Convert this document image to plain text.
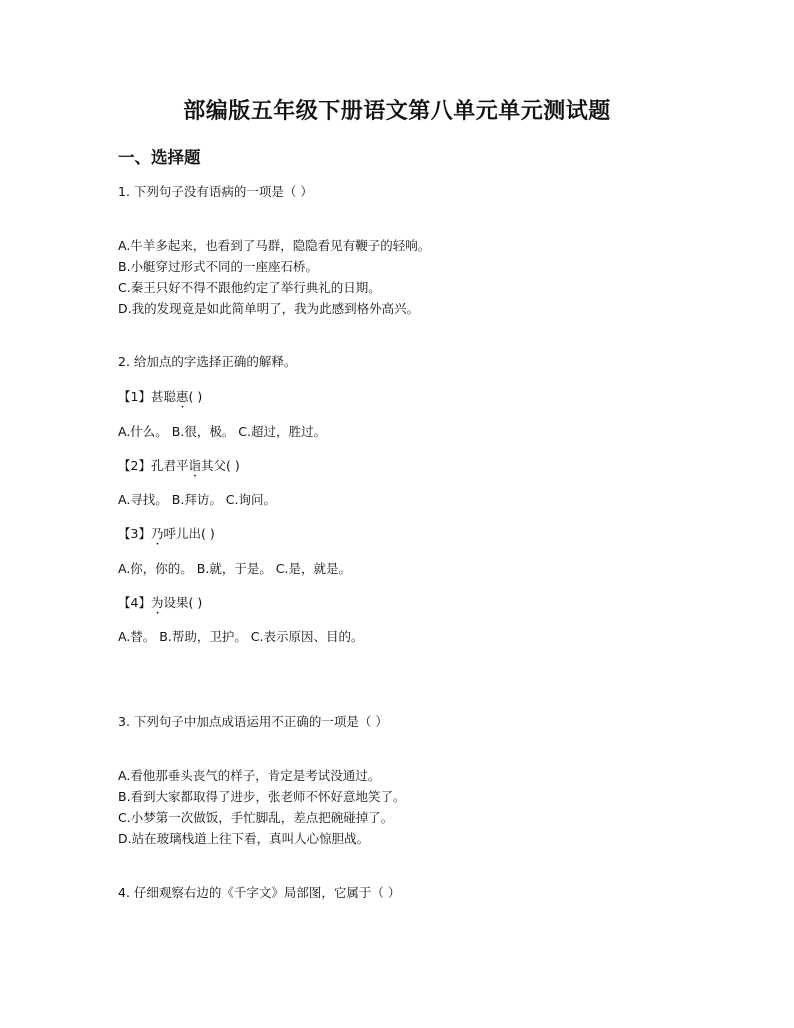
部编版五年级下册语文第八单元单元测试题
一、选择题
1. 下列句子没有语病的一项是（ ）
A.牛羊多起来，也看到了马群，隐隐看见有鞭子的轻响。
B.小艇穿过形式不同的一座座石桥。
C.秦王只好不得不跟他约定了举行典礼的日期。
D.我的发现竟是如此简单明了，我为此感到格外高兴。
2. 给加点的字选择正确的解释。
【1】甚聪惠( )
A.什么。 B.很，极。 C.超过，胜过。
【2】孔君平诣其父( )
A.寻找。 B.拜访。 C.询问。
【3】乃呼儿出( )
A.你，你的。 B.就，于是。 C.是，就是。
【4】为设果( )
A.替。 B.帮助，卫护。 C.表示原因、目的。
3. 下列句子中加点成语运用不正确的一项是（ ）
A.看他那垂头丧气的样子，肯定是考试没通过。
B.看到大家都取得了进步，张老师不怀好意地笑了。
C.小梦第一次做饭，手忙脚乱，差点把碗碰掉了。
D.站在玻璃栈道上往下看，真叫人心惊胆战。
4. 仔细观察右边的《千字文》局部图，它属于（ ）
